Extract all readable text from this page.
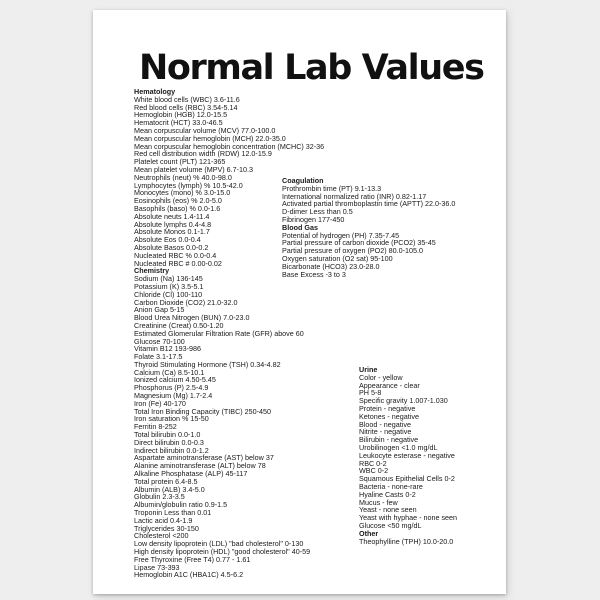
Normal Lab Values
Hematology
White blood cells (WBC) 3.6-11.6
Red blood cells (RBC) 3.54-5.14
Hemoglobin (HGB) 12.0-15.5
Hematocrit (HCT) 33.0-46.5
Mean corpuscular volume (MCV) 77.0-100.0
Mean corpuscular hemoglobin (MCH) 22.0-35.0
Mean corpuscular hemoglobin concentration (MCHC) 32-36
Red cell distribution width (RDW) 12.0-15.9
Platelet count (PLT) 121-365
Mean platelet volume (MPV) 6.7-10.3
Neutrophils (neut) % 40.0-98.0
Lymphocytes (lymph) % 10.5-42.0
Monocytes (mono) % 3.0-15.0
Eosinophils (eos) % 2.0-5.0
Basophils (baso) % 0.0-1.6
Absolute neuts 1.4-11.4
Absolute lymphs 0.4-4.8
Absolute Monos 0.1-1.7
Absolute Eos 0.0-0.4
Absolute Basos 0.0-0.2
Nucleated RBC % 0.0-0.4
Nucleated RBC # 0.00-0.02
Chemistry
Sodium (Na) 136-145
Potassium (K) 3.5-5.1
Chloride (Cl) 100-110
Carbon Dioxide (CO2) 21.0-32.0
Anion Gap 5-15
Blood Urea Nitrogen (BUN) 7.0-23.0
Creatinine (Creat) 0.50-1.20
Estimated Glomerular Filtration Rate (GFR) above 60
Glucose 70-100
Vitamin B12 193-986
Folate 3.1-17.5
Thyroid Stimulating Hormone (TSH) 0.34-4.82
Calcium (Ca) 8.5-10.1
Ionized calcium 4.50-5.45
Phosphorus (P) 2.5-4.9
Magnesium (Mg) 1.7-2.4
Iron (Fe) 40-170
Total Iron Binding Capacity (TIBC) 250-450
Iron saturation % 15-50
Ferritin 8-252
Total bilirubin 0.0-1.0
Direct bilirubin 0.0-0.3
Indirect bilirubin 0.0-1.2
Aspartate aminotransferase (AST) below 37
Alanine aminotransferase (ALT) below 78
Alkaline Phosphatase (ALP) 45-117
Total protein 6.4-8.5
Albumin (ALB) 3.4-5.0
Globulin 2.3-3.5
Albumin/globulin ratio 0.9-1.5
Troponin Less than 0.01
Lactic acid 0.4-1.9
Triglycerides 30-150
Cholesterol <200
Low density lipoprotein (LDL) "bad cholesterol" 0-130
High density lipoprotein (HDL) "good cholesterol" 40-59
Free Thyroxine (Free T4) 0.77 - 1.61
Lipase 73-393
Hemoglobin A1C (HBA1C) 4.5-6.2
Coagulation
Prothrombin time (PT) 9.1-13.3
International normalized ratio (INR) 0.82-1.17
Activated partial thromboplastin time (APTT) 22.0-36.0
D-dimer Less than 0.5
Fibrinogen 177-450
Blood Gas
Potential of hydrogen (PH) 7.35-7.45
Partial pressure of carbon dioxide (PCO2) 35-45
Partial pressure of oxygen (PO2) 80.0-105.0
Oxygen saturation (O2 sat) 95-100
Bicarbonate (HCO3) 23.0-28.0
Base Excess -3 to 3
Urine
Color - yellow
Appearance - clear
PH 5-8
Specific gravity 1.007-1.030
Protein - negative
Ketones - negative
Blood - negative
Nitrite - negative
Bilirubin - negative
Urobilinogen <1.0 mg/dL
Leukocyte esterase - negative
RBC 0-2
WBC 0-2
Squamous Epithelial Cells 0-2
Bacteria - none-rare
Hyaline Casts 0-2
Mucus - few
Yeast - none seen
Yeast with hyphae - none seen
Glucose <50 mg/dL
Other
Theophylline (TPH) 10.0-20.0
